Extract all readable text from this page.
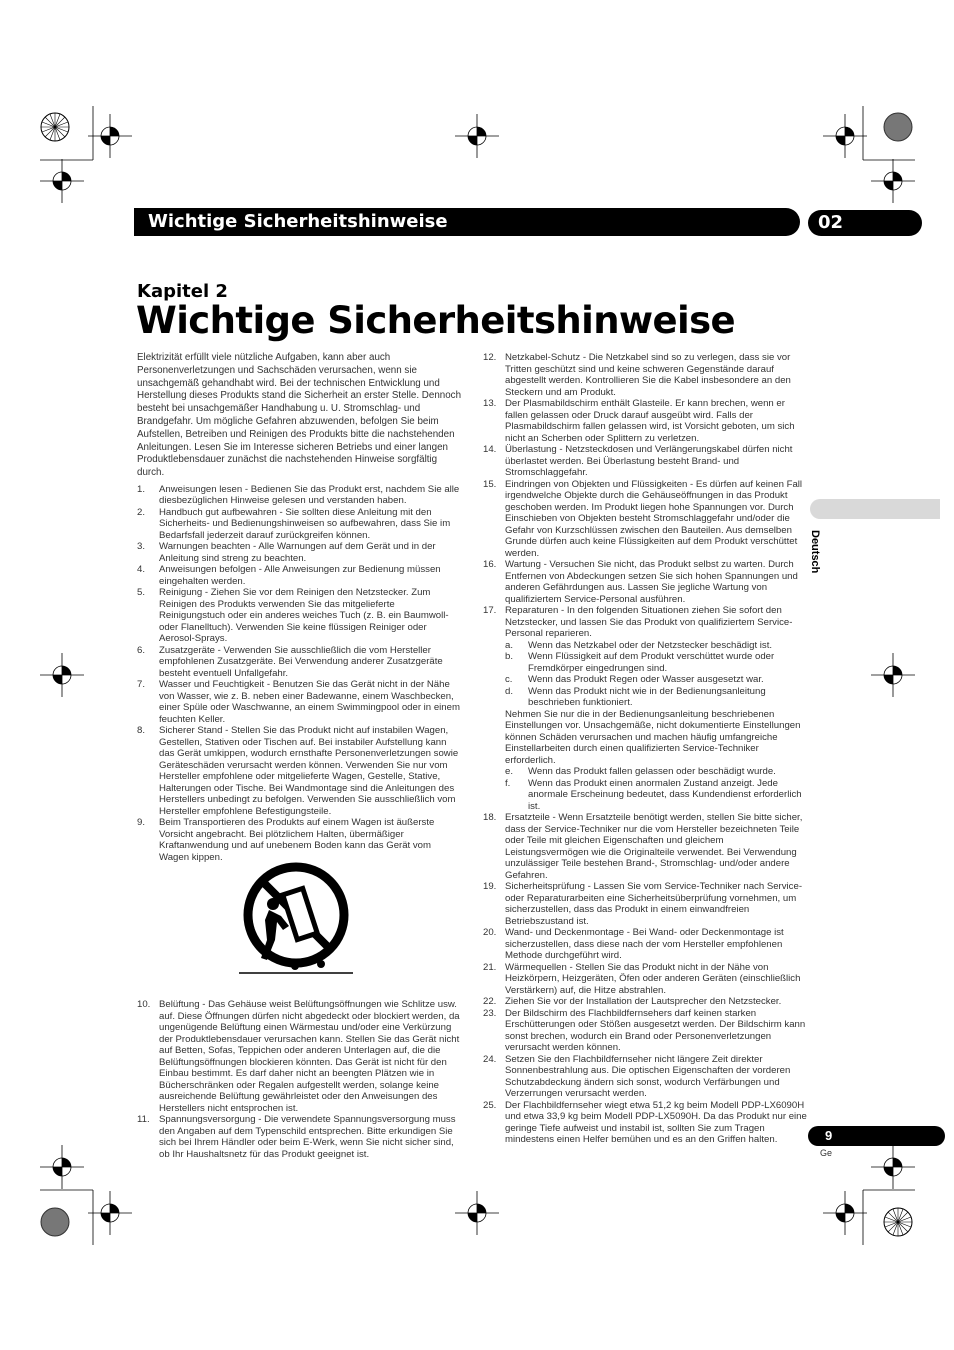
Wichtige Sicherheitshinweise	02
Kapitel 2
Wichtige Sicherheitshinweise

Elektrizität erfüllt viele nützliche Aufgaben, kann aber auch Personenverletzungen und Sachschäden verursachen, wenn sie unsachgemäß gehandhabt wird. Bei der technischen Entwicklung und Herstellung dieses Produkts stand die Sicherheit an erster Stelle. Dennoch besteht bei unsachgemäßer Handhabung u. U. Stromschlag- und Brandgefahr. Um mögliche Gefahren abzuwenden, befolgen Sie beim Aufstellen, Betreiben und Reinigen des Produkts bitte die nachstehenden Anleitungen. Lesen Sie im Interesse sicheren Betriebs und einer langen Produktlebensdauer zunächst die nachstehenden Hinweise sorgfältig durch.

1.	Anweisungen lesen - Bedienen Sie das Produkt erst, nachdem Sie alle diesbezüglichen Hinweise gelesen und verstanden haben.
2.	Handbuch gut aufbewahren - Sie sollten diese Anleitung mit den Sicherheits- und Bedienungshinweisen so aufbewahren, dass Sie im Bedarfsfall jederzeit darauf zurückgreifen können.
3.	Warnungen beachten - Alle Warnungen auf dem Gerät und in der Anleitung sind streng zu beachten.
4.	Anweisungen befolgen - Alle Anweisungen zur Bedienung müssen eingehalten werden.
5.	Reinigung - Ziehen Sie vor dem Reinigen den Netzstecker. Zum Reinigen des Produkts verwenden Sie das mitgelieferte Reinigungstuch oder ein anderes weiches Tuch (z. B. ein Baumwoll- oder Flanelltuch). Verwenden Sie keine flüssigen Reiniger oder Aerosol-Sprays.
6.	Zusatzgeräte - Verwenden Sie ausschließlich die vom Hersteller empfohlenen Zusatzgeräte. Bei Verwendung anderer Zusatzgeräte besteht eventuell Unfallgefahr.
7.	Wasser und Feuchtigkeit - Benutzen Sie das Gerät nicht in der Nähe von Wasser, wie z. B. neben einer Badewanne, einem Waschbecken, einer Spüle oder Waschwanne, an einem Swimmingpool oder in einem feuchten Keller.
8.	Sicherer Stand - Stellen Sie das Produkt nicht auf instabilen Wagen, Gestellen, Stativen oder Tischen auf. Bei instabiler Aufstellung kann das Gerät umkippen, wodurch ernsthafte Personenverletzungen sowie Geräteschäden verursacht werden können. Verwenden Sie nur vom Hersteller empfohlene oder mitgelieferte Wagen, Gestelle, Stative, Halterungen oder Tische. Bei Wandmontage sind die Anleitungen des Herstellers unbedingt zu befolgen. Verwenden Sie ausschließlich vom Hersteller empfohlene Befestigungsteile.
9.	Beim Transportieren des Produkts auf einem Wagen ist äußerste Vorsicht angebracht. Bei plötzlichem Halten, übermäßiger Kraftanwendung und auf unebenem Boden kann das Gerät vom Wagen kippen.
10. Belüftung - Das Gehäuse weist Belüftungsöffnungen wie Schlitze usw. auf. Diese Öffnungen dürfen nicht abgedeckt oder blockiert werden, da ungenügende Belüftung einen Wärmestau und/oder eine Verkürzung der Produktlebensdauer verursachen kann. Stellen Sie das Gerät nicht auf Betten, Sofas, Teppichen oder anderen Unterlagen auf, die die Belüftungsöffnungen blockieren könnten. Das Gerät ist nicht für den Einbau bestimmt. Es darf daher nicht an beengten Plätzen wie in Bücherschränken oder Regalen aufgestellt werden, solange keine ausreichende Belüftung gewährleistet oder den Anweisungen des Herstellers nicht entsprochen ist.
11. Spannungsversorgung - Die verwendete Spannungsversorgung muss den Angaben auf dem Typenschild entsprechen. Bitte erkundigen Sie sich bei Ihrem Händler oder beim E-Werk, wenn Sie nicht sicher sind, ob Ihr Haushaltsnetz für das Produkt geeignet ist.
12. Netzkabel-Schutz - Die Netzkabel sind so zu verlegen, dass sie vor Tritten geschützt sind und keine schweren Gegenstände darauf abgestellt werden. Kontrollieren Sie die Kabel insbesondere an den Steckern und am Produkt.
13. Der Plasmabildschirm enthält Glasteile. Er kann brechen, wenn er fallen gelassen oder Druck darauf ausgeübt wird. Falls der Plasmabildschirm fallen gelassen wird, ist Vorsicht geboten, um sich nicht an Scherben oder Splittern zu verletzen.
14. Überlastung - Netzsteckdosen und Verlängerungskabel dürfen nicht überlastet werden. Bei Überlastung besteht Brand- und Stromschlaggefahr.
15. Eindringen von Objekten und Flüssigkeiten - Es dürfen auf keinen Fall irgendwelche Objekte durch die Gehäuseöffnungen in das Produkt geschoben werden. Im Produkt liegen hohe Spannungen vor. Durch Einschieben von Objekten besteht Stromschlaggefahr und/oder die Gefahr von Kurzschlüssen zwischen den Bauteilen. Aus demselben Grunde dürfen auch keine Flüssigkeiten auf dem Produkt verschüttet werden.
16. Wartung - Versuchen Sie nicht, das Produkt selbst zu warten. Durch Entfernen von Abdeckungen setzen Sie sich hohen Spannungen und anderen Gefährdungen aus. Lassen Sie jegliche Wartung von qualifiziertem Service-Personal ausführen.
17. Reparaturen - In den folgenden Situationen ziehen Sie sofort den Netzstecker, und lassen Sie das Produkt von qualifiziertem Service-Personal reparieren.
a.	Wenn das Netzkabel oder der Netzstecker beschädigt ist.
b.	Wenn Flüssigkeit auf dem Produkt verschüttet wurde oder Fremdkörper eingedrungen sind.
c.	Wenn das Produkt Regen oder Wasser ausgesetzt war.
d.	Wenn das Produkt nicht wie in der Bedienungsanleitung beschrieben funktioniert.

Nehmen Sie nur die in der Bedienungsanleitung beschriebenen Einstellungen vor. Unsachgemäße, nicht dokumentierte Einstellungen können Schäden verursachen und machen häufig umfangreiche Einstellarbeiten durch einen qualifizierten Service-Techniker erforderlich.

e.	Wenn das Produkt fallen gelassen oder beschädigt wurde.
f.	Wenn das Produkt einen anormalen Zustand anzeigt. Jede anormale Erscheinung bedeutet, dass Kundendienst erforderlich ist.
18. Ersatzteile - Wenn Ersatzteile benötigt werden, stellen Sie bitte sicher, dass der Service-Techniker nur die vom Hersteller bezeichneten Teile oder Teile mit gleichen Eigenschaften und gleichem Leistungsvermögen wie die Originalteile verwendet. Bei Verwendung unzulässiger Teile bestehen Brand-, Stromschlag- und/oder andere Gefahren.
19. Sicherheitsprüfung - Lassen Sie vom Service-Techniker nach Service- oder Reparaturarbeiten eine Sicherheitsüberprüfung vornehmen, um sicherzustellen, dass das Produkt in einem einwandfreien Betriebszustand ist.
20. Wand- und Deckenmontage - Bei Wand- oder Deckenmontage ist sicherzustellen, dass diese nach der vom Hersteller empfohlenen Methode durchgeführt wird.
21. Wärmequellen - Stellen Sie das Produkt nicht in der Nähe von Heizkörpern, Heizgeräten, Öfen oder anderen Geräten (einschließlich Verstärkern) auf, die Hitze abstrahlen.
22. Ziehen Sie vor der Installation der Lautsprecher den Netzstecker.
23. Der Bildschirm des Flachbildfernsehers darf keinen starken Erschütterungen oder Stößen ausgesetzt werden. Der Bildschirm kann sonst brechen, wodurch ein Brand oder Personenverletzungen verursacht werden können.
24. Setzen Sie den Flachbildfernseher nicht längere Zeit direkter Sonnenbestrahlung aus. Die optischen Eigenschaften der vorderen Schutzabdeckung ändern sich sonst, wodurch Verfärbungen und Verzerrungen verursacht werden.
25. Der Flachbildfernseher wiegt etwa 51,2 kg beim Modell PDP-LX6090H und etwa 33,9 kg beim Modell PDP-LX5090H. Da das Produkt nur eine geringe Tiefe aufweist und instabil ist, sollten Sie zum Tragen mindestens einen Helfer bemühen und es an den Griffen halten.
Deutsch
9
Ge
